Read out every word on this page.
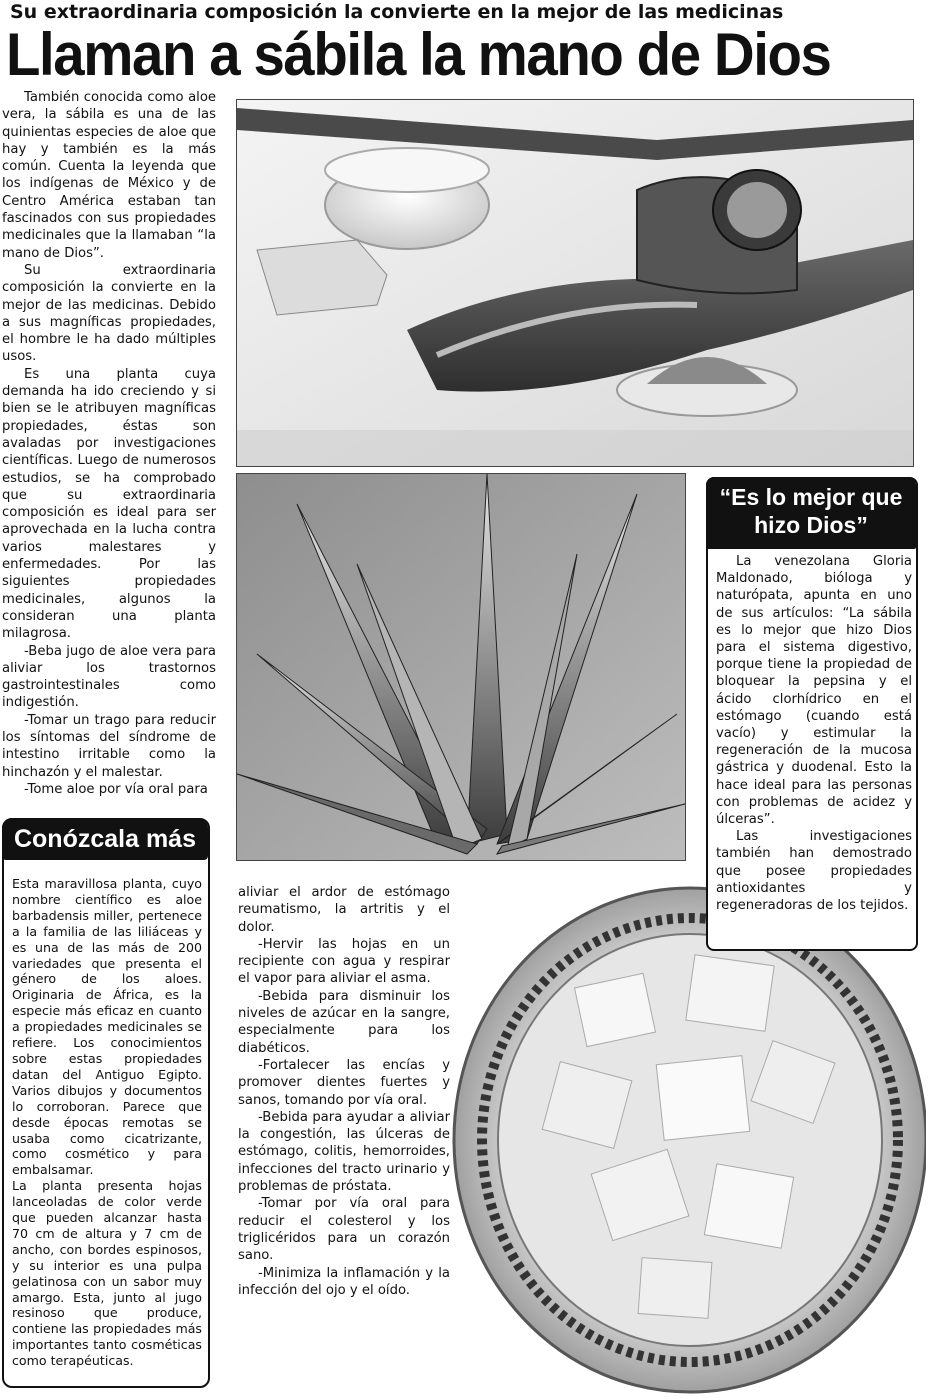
Su extraordinaria composición la convierte en la mejor de las medicinas
Llaman a sábila la mano de Dios

También conocida como aloe vera, la sábila es una de las quinientas especies de aloe que hay y también es la más común. Cuenta la leyenda que los indígenas de México y de Centro América estaban tan fascinados con sus propiedades medicinales que la llamaban “la mano de Dios”.

Su extraordinaria composición la convierte en la mejor de las medicinas. Debido a sus magníficas propiedades, el hombre le ha dado múltiples usos.

Es una planta cuya demanda ha ido creciendo y si bien se le atribuyen magníficas propiedades, éstas son avaladas por investigaciones científicas. Luego de numerosos estudios, se ha comprobado que su extraordinaria composición es ideal para ser aprovechada en la lucha contra varios malestares y enfermedades. Por las siguientes propiedades medicinales, algunos la consideran una planta milagrosa.

-Beba jugo de aloe vera para aliviar los trastornos gastrointestinales como indigestión.

-Tomar un trago para reducir los síntomas del síndrome de intestino irritable como la hinchazón y el malestar.

-Tome aloe por vía oral para

aliviar el ardor de estómago reumatismo, la artritis y el dolor.

-Hervir las hojas en un recipiente con agua y respirar el vapor para aliviar el asma.

-Bebida para disminuir los niveles de azúcar en la sangre, especialmente para los diabéticos.

-Fortalecer las encías y promover dientes fuertes y sanos, tomando por vía oral.

-Bebida para ayudar a aliviar la congestión, las úlceras de estómago, colitis, hemorroides, infecciones del tracto urinario y problemas de próstata.

-Tomar por vía oral para reducir el colesterol y los triglicéridos para un corazón sano.

-Minimiza la inflamación y la infección del ojo y el oído.

Conózcala más

Esta maravillosa planta, cuyo nombre científico es aloe barbadensis miller, pertenece a la familia de las liliáceas y es una de las más de 200 variedades que presenta el género de los aloes. Originaria de África, es la especie más eficaz en cuanto a propiedades medicinales se refiere. Los conocimientos sobre estas propiedades datan del Antiguo Egipto. Varios dibujos y documentos lo corroboran. Parece que desde épocas remotas se usaba como cicatrizante, como cosmético y para embalsamar.

La planta presenta hojas lanceoladas de color verde que pueden alcanzar hasta 70 cm de altura y 7 cm de ancho, con bordes espinosos, y su interior es una pulpa gelatinosa con un sabor muy amargo. Esta, junto al jugo resinoso que produce, contiene las propiedades más importantes tanto cosméticas como terapéuticas.

“Es lo mejor que hizo Dios”

La venezolana Gloria Maldonado, bióloga y naturópata, apunta en uno de sus artículos: “La sábila es lo mejor que hizo Dios para el sistema digestivo, porque tiene la propiedad de bloquear la pepsina y el ácido clorhídrico en el estómago (cuando está vacío) y estimular la regeneración de la mucosa gástrica y duodenal. Esto la hace ideal para las personas con problemas de acidez y úlceras”.

Las investigaciones también han demostrado que posee propiedades antioxidantes y regeneradoras de los tejidos.
